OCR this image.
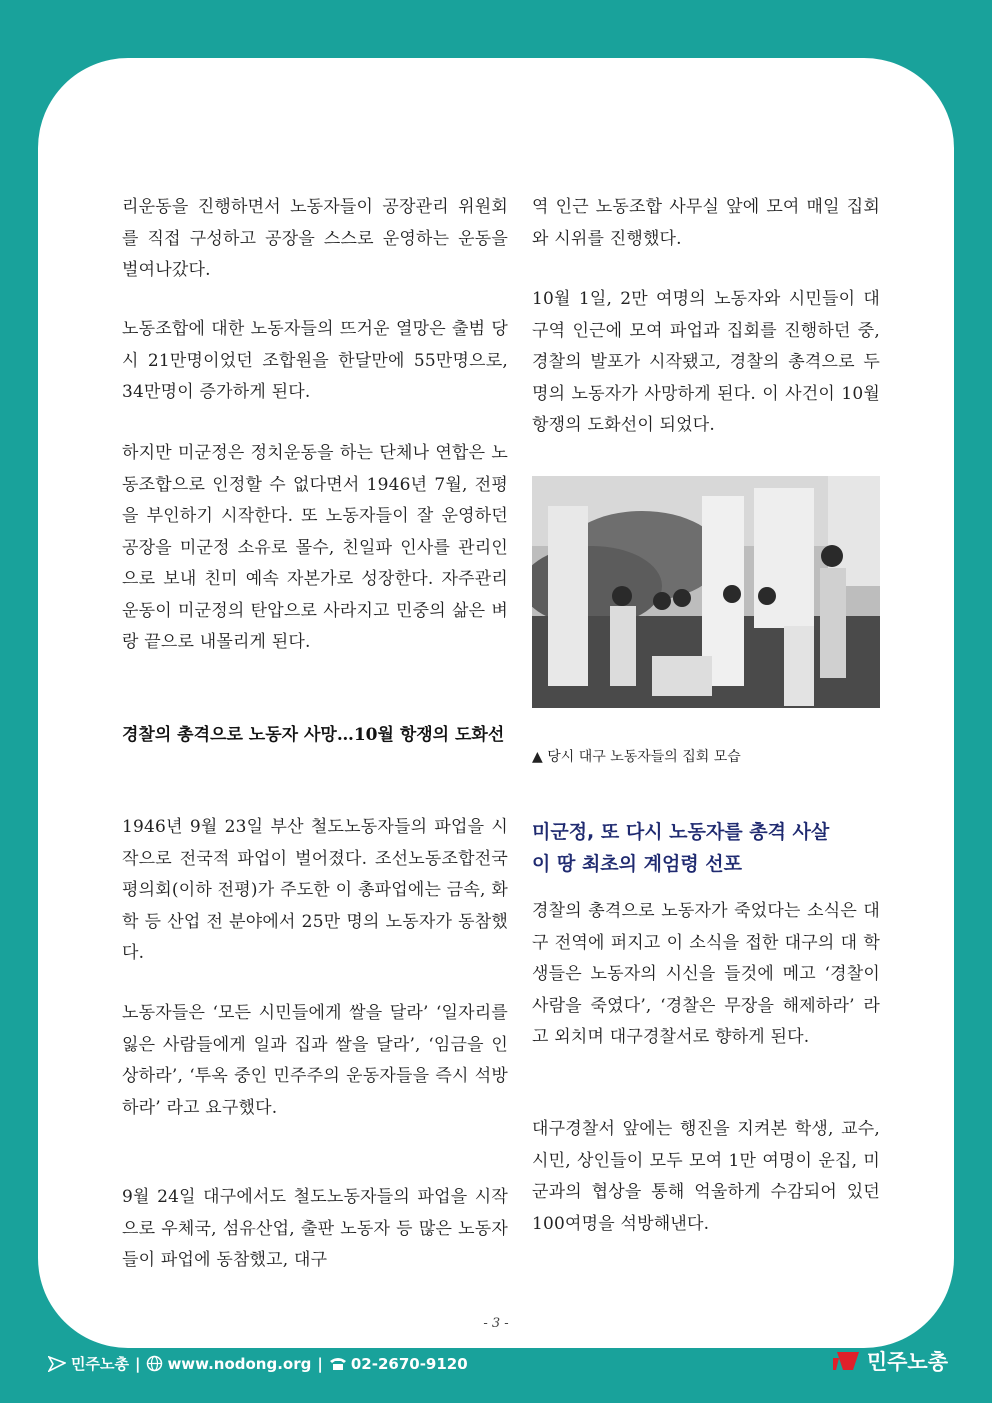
리운동을 진행하면서 노동자들이 공장관리 위원회를 직접 구성하고 공장을 스스로 운영하는 운동을 벌여나갔다.

노동조합에 대한 노동자들의 뜨거운 열망은 출범 당시 21만명이었던 조합원을 한달만에 55만명으로, 34만명이 증가하게 된다.

하지만 미군정은 정치운동을 하는 단체나 연합은 노동조합으로 인정할 수 없다면서 1946년 7월, 전평을 부인하기 시작한다. 또 노동자들이 잘 운영하던 공장을 미군정 소유로 몰수, 친일파 인사를 관리인으로 보내 친미 예속 자본가로 성장한다. 자주관리운동이 미군정의 탄압으로 사라지고 민중의 삶은 벼랑 끝으로 내몰리게 된다.

경찰의 총격으로 노동자 사망…10월 항쟁의 도화선

1946년 9월 23일 부산 철도노동자들의 파업을 시작으로 전국적 파업이 벌어졌다. 조선노동조합전국평의회(이하 전평)가 주도한 이 총파업에는 금속, 화학 등 산업 전 분야에서 25만 명의 노동자가 동참했다.

노동자들은 ‘모든 시민들에게 쌀을 달라’ ‘일자리를 잃은 사람들에게 일과 집과 쌀을 달라’, ‘임금을 인상하라’, ‘투옥 중인 민주주의 운동자들을 즉시 석방하라’ 라고 요구했다.

9월 24일 대구에서도 철도노동자들의 파업을 시작으로 우체국, 섬유산업, 출판 노동자 등 많은 노동자들이 파업에 동참했고, 대구

역 인근 노동조합 사무실 앞에 모여 매일 집회와 시위를 진행했다.

10월 1일, 2만 여명의 노동자와 시민들이 대구역 인근에 모여 파업과 집회를 진행하던 중, 경찰의 발포가 시작됐고, 경찰의 총격으로 두 명의 노동자가 사망하게 된다. 이 사건이 10월 항쟁의 도화선이 되었다.

▲ 당시 대구 노동자들의 집회 모습

미군정, 또 다시 노동자를 총격 사살

이 땅 최초의 계엄령 선포

경찰의 총격으로 노동자가 죽었다는 소식은 대구 전역에 퍼지고 이 소식을 접한 대구의 대 학생들은 노동자의 시신을 들것에 메고 ‘경찰이 사람을 죽였다’, ‘경찰은 무장을 해제하라’ 라고 외치며 대구경찰서로 향하게 된다.

대구경찰서 앞에는 행진을 지켜본 학생, 교수, 시민, 상인들이 모두 모여 1만 여명이 운집, 미군과의 협상을 통해 억울하게 수감되어 있던 100여명을 석방해낸다.

- 3 -
민주노총 | www.nodong.org | 02-2670-9120	민주노총
